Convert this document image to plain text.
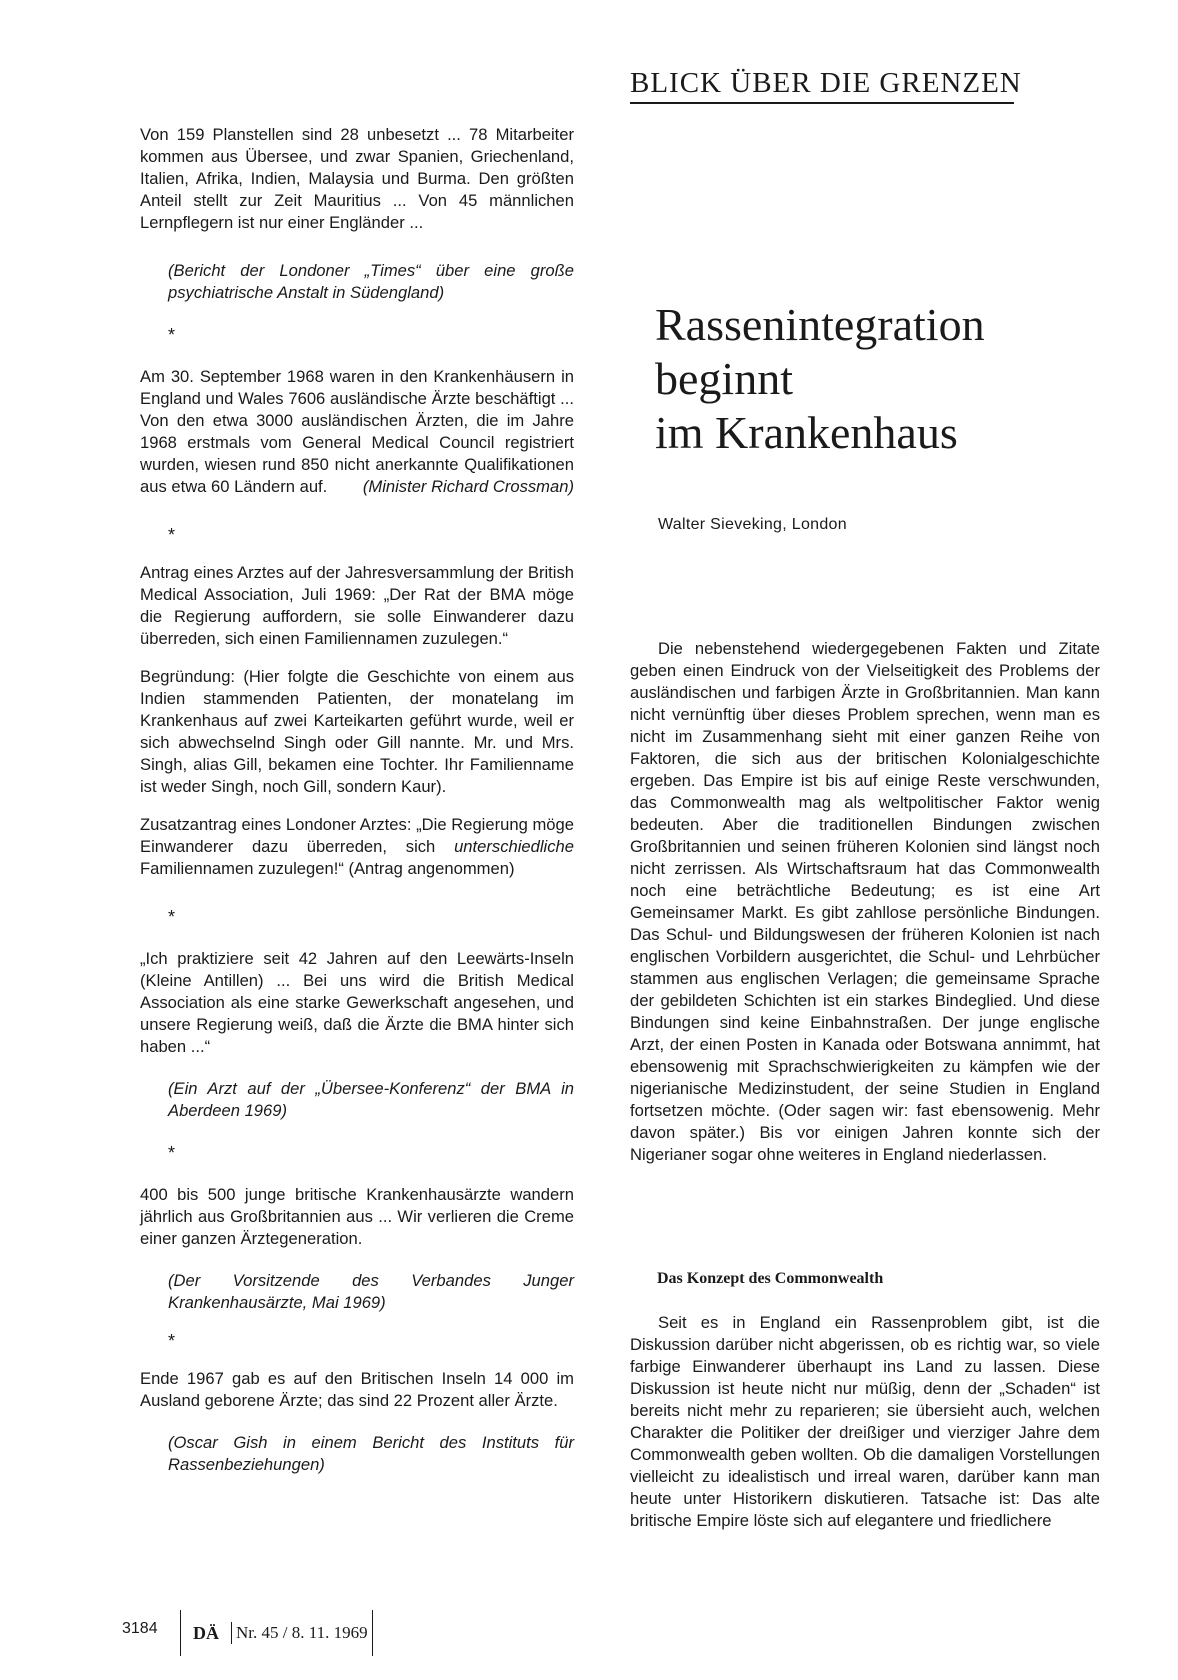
BLICK ÜBER DIE GRENZEN

Von 159 Planstellen sind 28 unbesetzt ... 78 Mitarbeiter kommen aus Übersee, und zwar Spanien, Griechenland, Italien, Afrika, Indien, Malaysia und Burma. Den größten Anteil stellt zur Zeit Mauritius ... Von 45 männlichen Lernpflegern ist nur einer Engländer ...

(Bericht der Londoner „Times“ über eine große psychiatrische Anstalt in Südengland)

*

Am 30. September 1968 waren in den Krankenhäusern in England und Wales 7606 ausländische Ärzte beschäftigt ... Von den etwa 3000 ausländischen Ärzten, die im Jahre 1968 erstmals vom General Medical Council registriert wurden, wiesen rund 850 nicht anerkannte Qualifikationen aus etwa 60 Ländern auf. (Minister Richard Crossman)

*

Antrag eines Arztes auf der Jahresversammlung der British Medical Association, Juli 1969: „Der Rat der BMA möge die Regierung auffordern, sie solle Einwanderer dazu überreden, sich einen Familiennamen zuzulegen.“

Begründung: (Hier folgte die Geschichte von einem aus Indien stammenden Patienten, der monatelang im Krankenhaus auf zwei Karteikarten geführt wurde, weil er sich abwechselnd Singh oder Gill nannte. Mr. und Mrs. Singh, alias Gill, bekamen eine Tochter. Ihr Familienname ist weder Singh, noch Gill, sondern Kaur).

Zusatzantrag eines Londoner Arztes: „Die Regierung möge Einwanderer dazu überreden, sich unterschiedliche Familiennamen zuzulegen!“ (Antrag angenommen)

*

„Ich praktiziere seit 42 Jahren auf den Leewärts-Inseln (Kleine Antillen) ... Bei uns wird die British Medical Association als eine starke Gewerkschaft angesehen, und unsere Regierung weiß, daß die Ärzte die BMA hinter sich haben ...“

(Ein Arzt auf der „Übersee-Konferenz“ der BMA in Aberdeen 1969)

*

400 bis 500 junge britische Krankenhausärzte wandern jährlich aus Großbritannien aus ... Wir verlieren die Creme einer ganzen Ärztegeneration.

(Der Vorsitzende des Verbandes Junger Krankenhausärzte, Mai 1969)

*

Ende 1967 gab es auf den Britischen Inseln 14 000 im Ausland geborene Ärzte; das sind 22 Prozent aller Ärzte.

(Oscar Gish in einem Bericht des Instituts für Rassenbeziehungen)

Rassenintegration
beginnt
im Krankenhaus
Walter Sieveking, London

Die nebenstehend wiedergegebenen Fakten und Zitate geben einen Eindruck von der Vielseitigkeit des Problems der ausländischen und farbigen Ärzte in Großbritannien. Man kann nicht vernünftig über dieses Problem sprechen, wenn man es nicht im Zusammenhang sieht mit einer ganzen Reihe von Faktoren, die sich aus der britischen Kolonialgeschichte ergeben. Das Empire ist bis auf einige Reste verschwunden, das Commonwealth mag als weltpolitischer Faktor wenig bedeuten. Aber die traditionellen Bindungen zwischen Großbritannien und seinen früheren Kolonien sind längst noch nicht zerrissen. Als Wirtschaftsraum hat das Commonwealth noch eine beträchtliche Bedeutung; es ist eine Art Gemeinsamer Markt. Es gibt zahllose persönliche Bindungen. Das Schul- und Bildungswesen der früheren Kolonien ist nach englischen Vorbildern ausgerichtet, die Schul- und Lehrbücher stammen aus englischen Verlagen; die gemeinsame Sprache der gebildeten Schichten ist ein starkes Bindeglied. Und diese Bindungen sind keine Einbahnstraßen. Der junge englische Arzt, der einen Posten in Kanada oder Botswana annimmt, hat ebensowenig mit Sprachschwierigkeiten zu kämpfen wie der nigerianische Medizinstudent, der seine Studien in England fortsetzen möchte. (Oder sagen wir: fast ebensowenig. Mehr davon später.) Bis vor einigen Jahren konnte sich der Nigerianer sogar ohne weiteres in England niederlassen.

Das Konzept des Commonwealth

Seit es in England ein Rassenproblem gibt, ist die Diskussion darüber nicht abgerissen, ob es richtig war, so viele farbige Einwanderer überhaupt ins Land zu lassen. Diese Diskussion ist heute nicht nur müßig, denn der „Schaden“ ist bereits nicht mehr zu reparieren; sie übersieht auch, welchen Charakter die Politiker der dreißiger und vierziger Jahre dem Commonwealth geben wollten. Ob die damaligen Vorstellungen vielleicht zu idealistisch und irreal waren, darüber kann man heute unter Historikern diskutieren. Tatsache ist: Das alte britische Empire löste sich auf elegantere und friedlichere

3184	DÄ	Nr. 45 / 8. 11. 1969
